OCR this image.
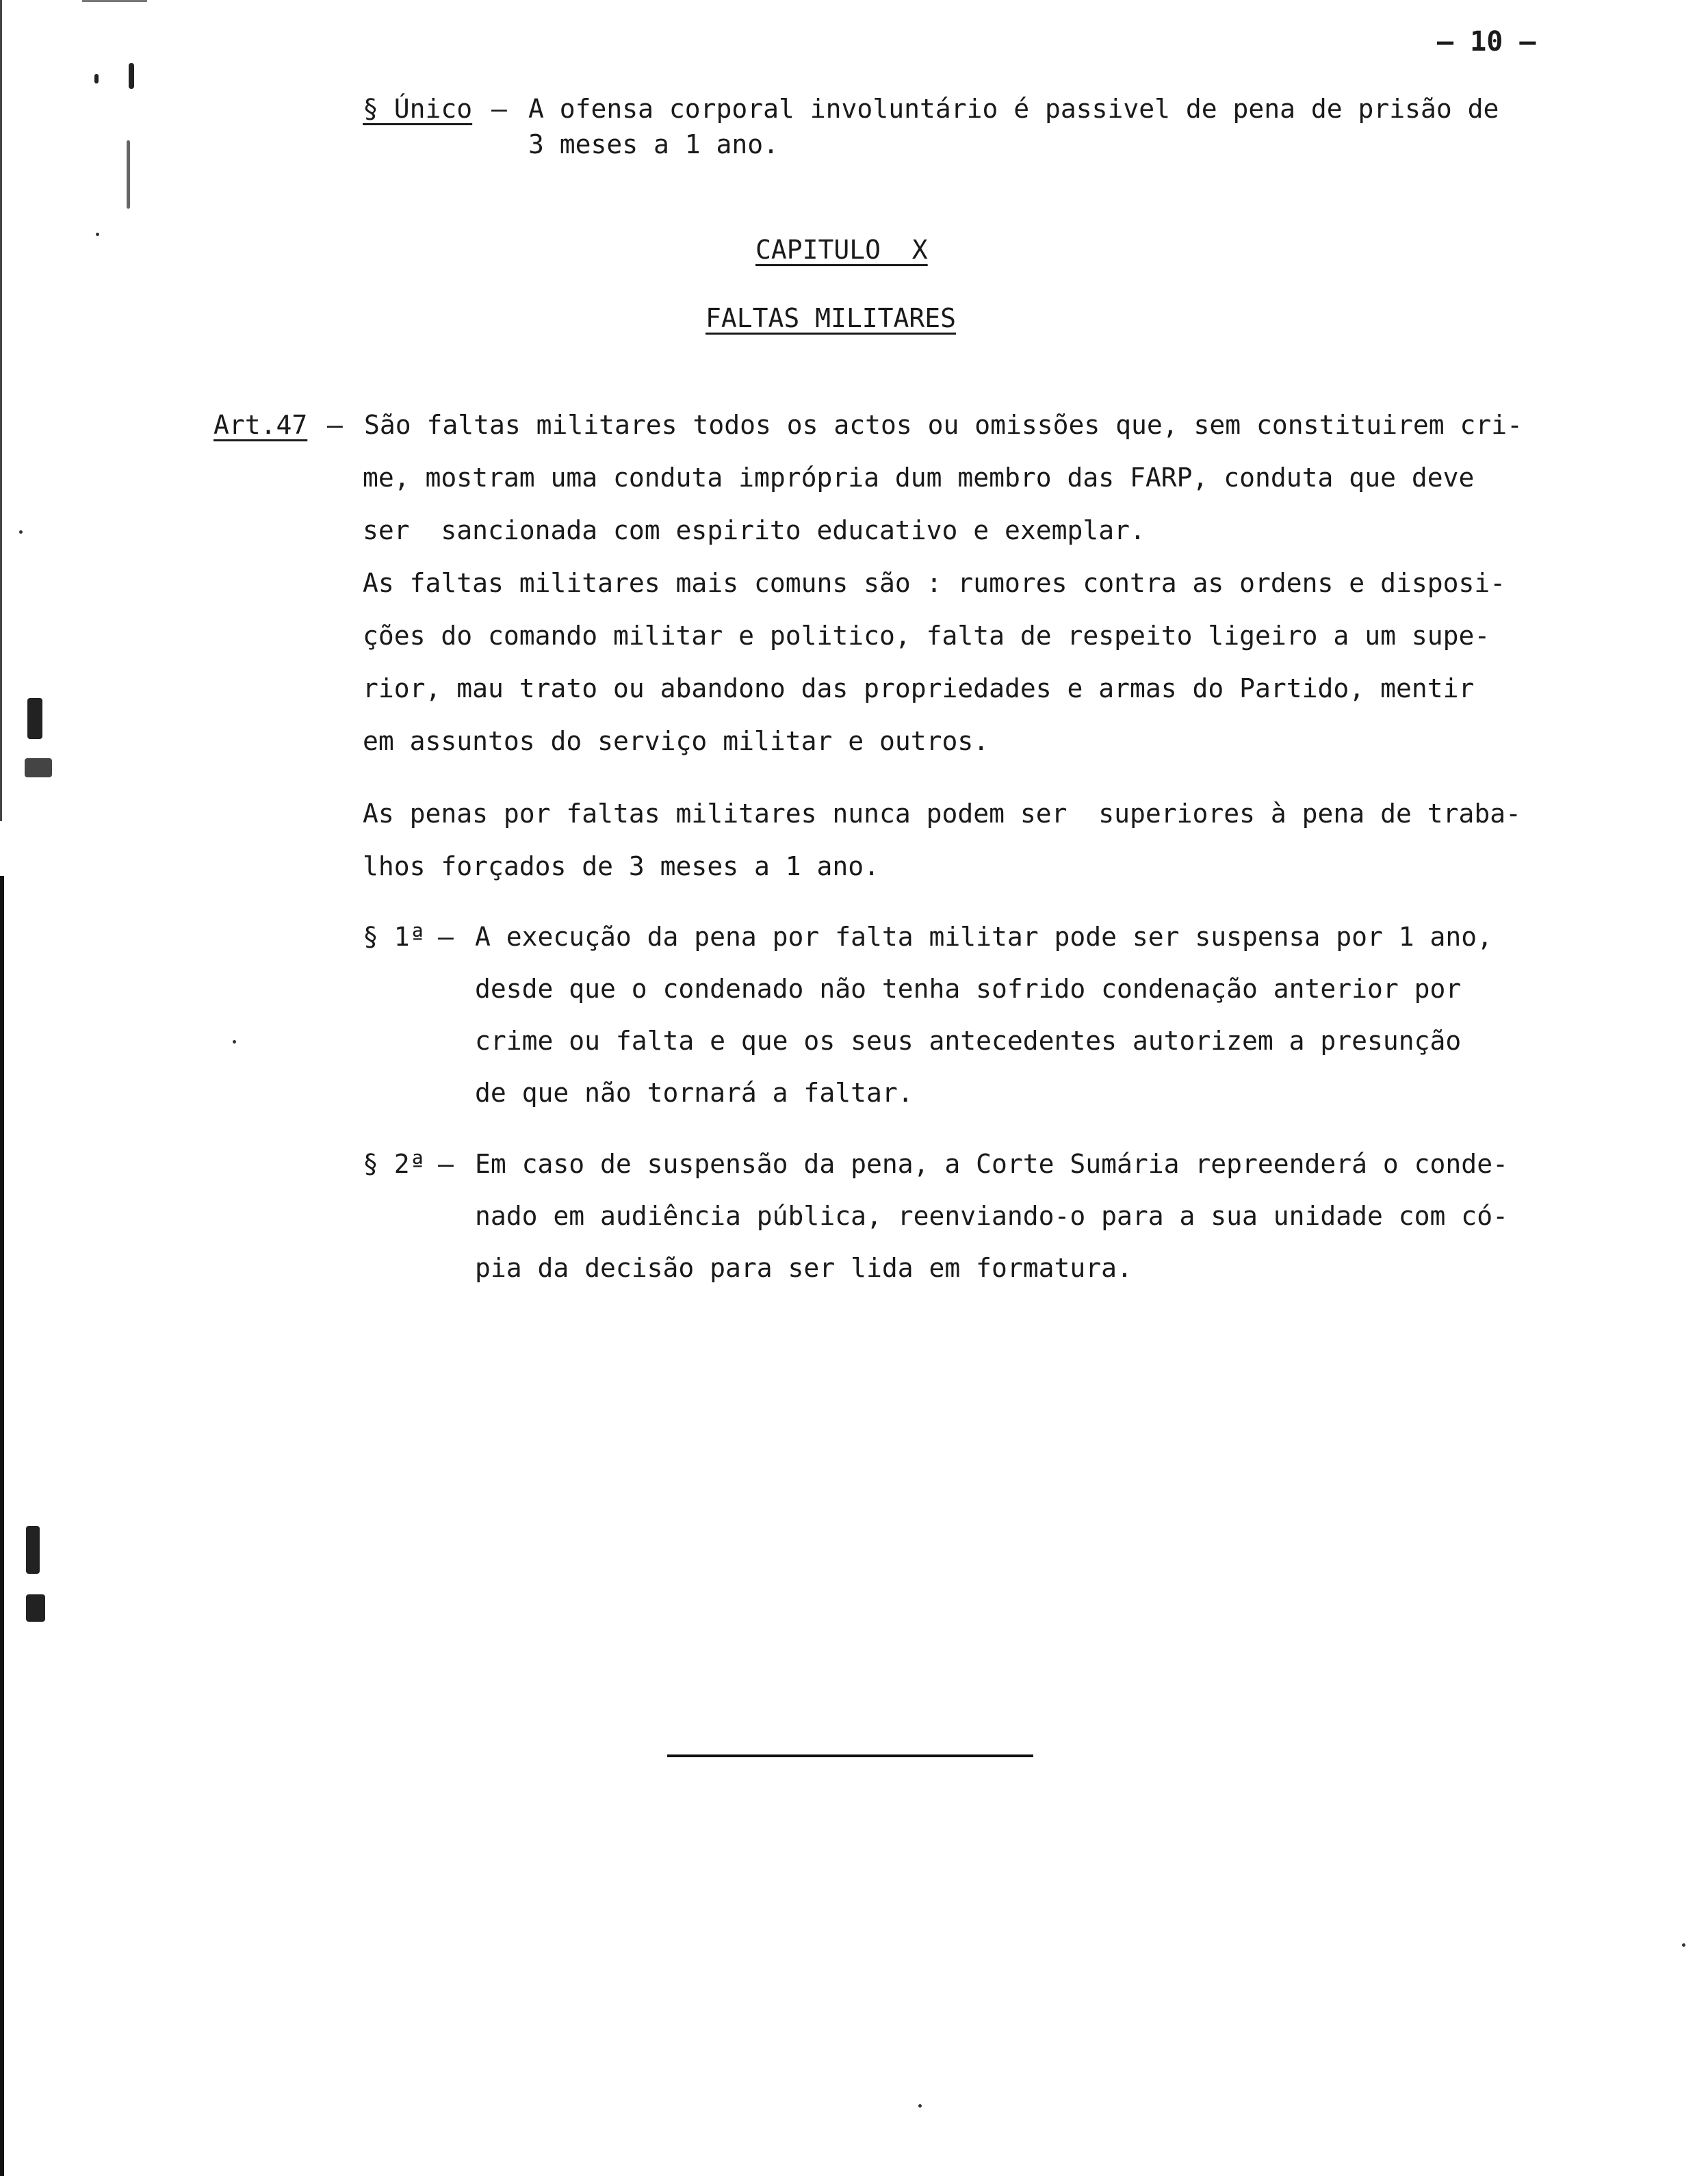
– 10 –
§ Único – A ofensa corporal involuntário é passivel de pena de prisão de
3 meses a 1 ano.
CAPITULO  X
FALTAS MILITARES
Art.47 – São faltas militares todos os actos ou omissões que, sem constituirem cri-
me, mostram uma conduta imprópria dum membro das FARP, conduta que deve
ser  sancionada com espirito educativo e exemplar.
As faltas militares mais comuns são : rumores contra as ordens e disposi-
ções do comando militar e politico, falta de respeito ligeiro a um supe-
rior, mau trato ou abandono das propriedades e armas do Partido, mentir
em assuntos do serviço militar e outros.
As penas por faltas militares nunca podem ser  superiores à pena de traba-
lhos forçados de 3 meses a 1 ano.
§ 1ª – A execução da pena por falta militar pode ser suspensa por 1 ano,
desde que o condenado não tenha sofrido condenação anterior por
crime ou falta e que os seus antecedentes autorizem a presunção
de que não tornará a faltar.
§ 2ª – Em caso de suspensão da pena, a Corte Sumária repreenderá o conde-
nado em audiência pública, reenviando-o para a sua unidade com có-
pia da decisão para ser lida em formatura.
